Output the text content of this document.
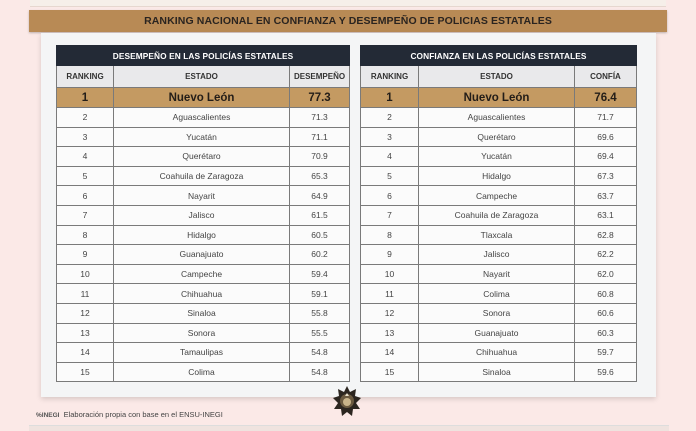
RANKING NACIONAL EN CONFIANZA Y DESEMPEÑO DE POLICIAS ESTATALES
DESEMPEÑO EN LAS POLICÍAS ESTATALES		
RANKING	ESTADO	DESEMPEÑO
1	Nuevo León	77.3
2	Aguascalientes	71.3
3	Yucatán	71.1
4	Querétaro	70.9
5	Coahuila de Zaragoza	65.3
6	Nayarit	64.9
7	Jalisco	61.5
8	Hidalgo	60.5
9	Guanajuato	60.2
10	Campeche	59.4
11	Chihuahua	59.1
12	Sinaloa	55.8
13	Sonora	55.5
14	Tamaulipas	54.8
15	Colima	54.8
CONFIANZA EN LAS POLICÍAS ESTATALES		
RANKING	ESTADO	CONFÍA
1	Nuevo León	76.4
2	Aguascalientes	71.7
3	Querétaro	69.6
4	Yucatán	69.4
5	Hidalgo	67.3
6	Campeche	63.7
7	Coahuila de Zaragoza	63.1
8	Tlaxcala	62.8
9	Jalisco	62.2
10	Nayarit	62.0
11	Colima	60.8
12	Sonora	60.6
13	Guanajuato	60.3
14	Chihuahua	59.7
15	Sinaloa	59.6
%INEGI Elaboración propia con base en el ENSU-INEGI
